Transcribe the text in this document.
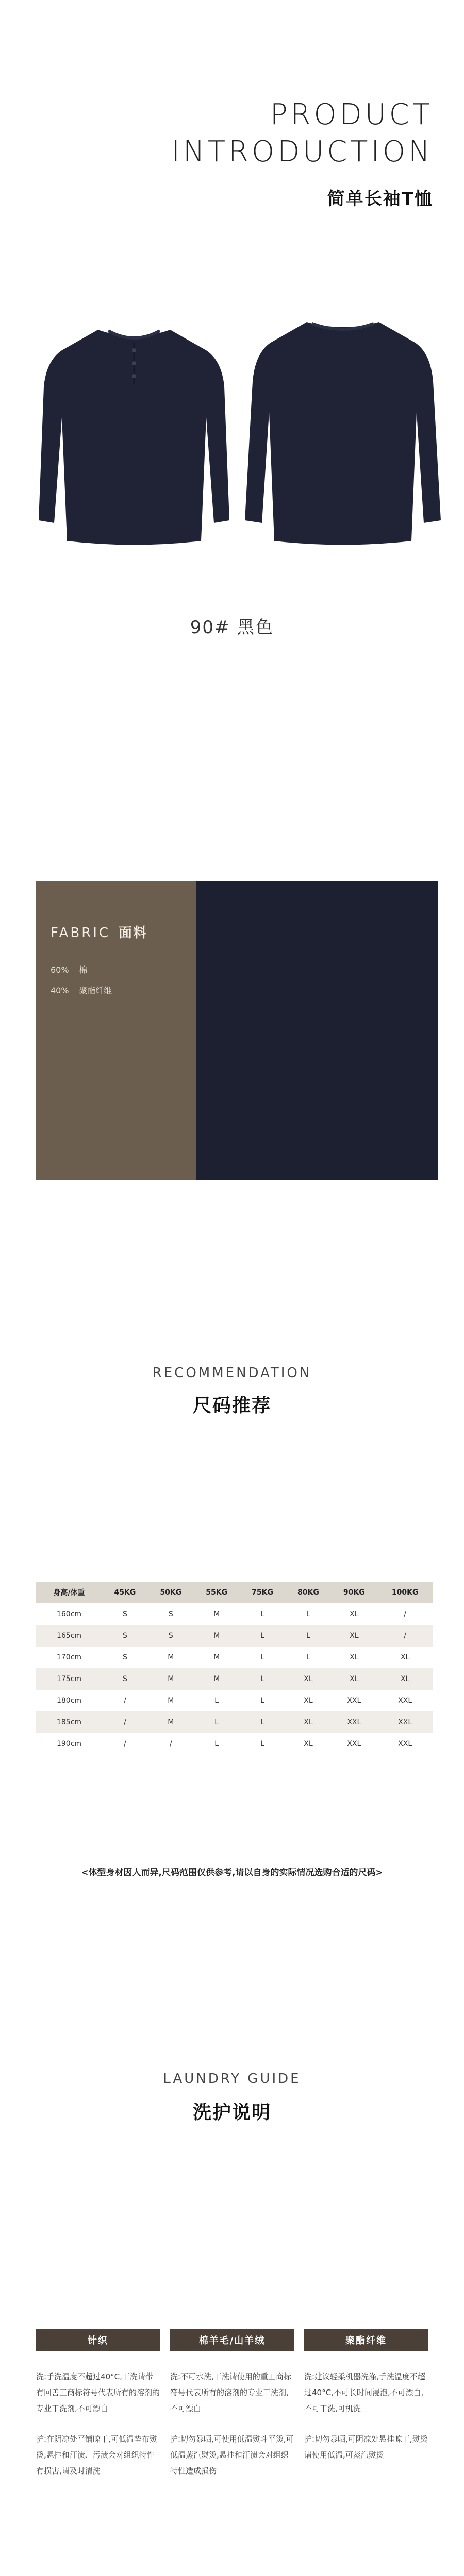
PRODUCT
INTRODUCTION
简单长袖T恤
90# 黑色
FABRIC 面料
60% 棉
40% 聚酯纤维
RECOMMENDATION
尺码推荐
身高/体重	45KG	50KG	55KG	75KG	80KG	90KG	100KG
160cm	S	S	M	L	L	XL	/
165cm	S	S	M	L	L	XL	/
170cm	S	M	M	L	L	XL	XL
175cm	S	M	M	L	XL	XL	XL
180cm	/	M	L	L	XL	XXL	XXL
185cm	/	M	L	L	XL	XXL	XXL
190cm	/	/	L	L	XL	XXL	XXL
<体型身材因人而异,尺码范围仅供参考,请以自身的实际情况选购合适的尺码>
LAUNDRY GUIDE
洗护说明
针织

洗:手洗温度不超过40°C,干洗请带有回善工商标符号代表所有的溶剂的专业干洗剂,不可漂白

护:在阴凉处平铺晾干,可低温垫布熨烫,悬挂和汗渍、污渍会对组织特性有损害,请及时清洗

棉羊毛/山羊绒

洗:不可水洗,干洗请使用的重工商标符号代表所有的溶剂的专业干洗剂,不可漂白

护:切勿暴晒,可使用低温熨斗平烫,可低温蒸汽熨烫,悬挂和汗渍会对组织特性造成损伤

聚酯纤维

洗:建议轻柔机器洗涤,手洗温度不超过40°C,不可长时间浸泡,不可漂白,不可干洗,可机洗

护:切勿暴晒,可阴凉处悬挂晾干,熨烫请使用低温,可蒸汽熨烫
